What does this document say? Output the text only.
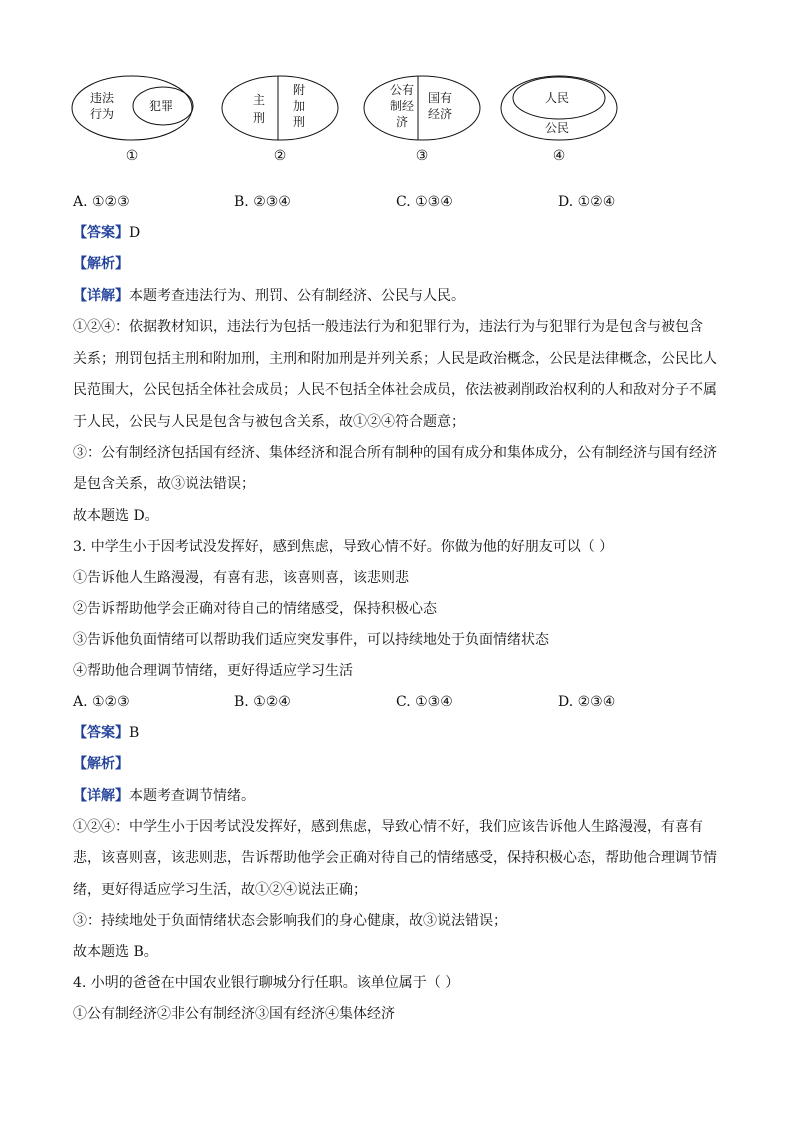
违法
行为
犯罪	主
刑
附
加
刑
公有
制经
济
国有
经济
人民
公民
①	②	③	④
A. ①②③	B. ②③④	C. ①③④	D. ①②④
【答案】D
【解析】
【详解】本题考查违法行为、刑罚、公有制经济、公民与人民。
①②④：依据教材知识，违法行为包括一般违法行为和犯罪行为，违法行为与犯罪行为是包含与被包含
关系；刑罚包括主刑和附加刑，主刑和附加刑是并列关系；人民是政治概念，公民是法律概念，公民比人
民范围大，公民包括全体社会成员；人民不包括全体社会成员，依法被剥削政治权利的人和敌对分子不属
于人民，公民与人民是包含与被包含关系，故①②④符合题意；
③：公有制经济包括国有经济、集体经济和混合所有制种的国有成分和集体成分，公有制经济与国有经济
是包含关系，故③说法错误；
故本题选 D。
3. 中学生小于因考试没发挥好，感到焦虑，导致心情不好。你做为他的好朋友可以（ ）
①告诉他人生路漫漫，有喜有悲，该喜则喜，该悲则悲
②告诉帮助他学会正确对待自己的情绪感受，保持积极心态
③告诉他负面情绪可以帮助我们适应突发事件，可以持续地处于负面情绪状态
④帮助他合理调节情绪，更好得适应学习生活
A. ①②③	B. ①②④	C. ①③④	D. ②③④
【答案】B
【解析】
【详解】本题考查调节情绪。
①②④：中学生小于因考试没发挥好，感到焦虑，导致心情不好，我们应该告诉他人生路漫漫，有喜有
悲，该喜则喜，该悲则悲，告诉帮助他学会正确对待自己的情绪感受，保持积极心态，帮助他合理调节情
绪，更好得适应学习生活，故①②④说法正确；
③：持续地处于负面情绪状态会影响我们的身心健康，故③说法错误；
故本题选 B。
4. 小明的爸爸在中国农业银行聊城分行任职。该单位属于（ ）
①公有制经济②非公有制经济③国有经济④集体经济
